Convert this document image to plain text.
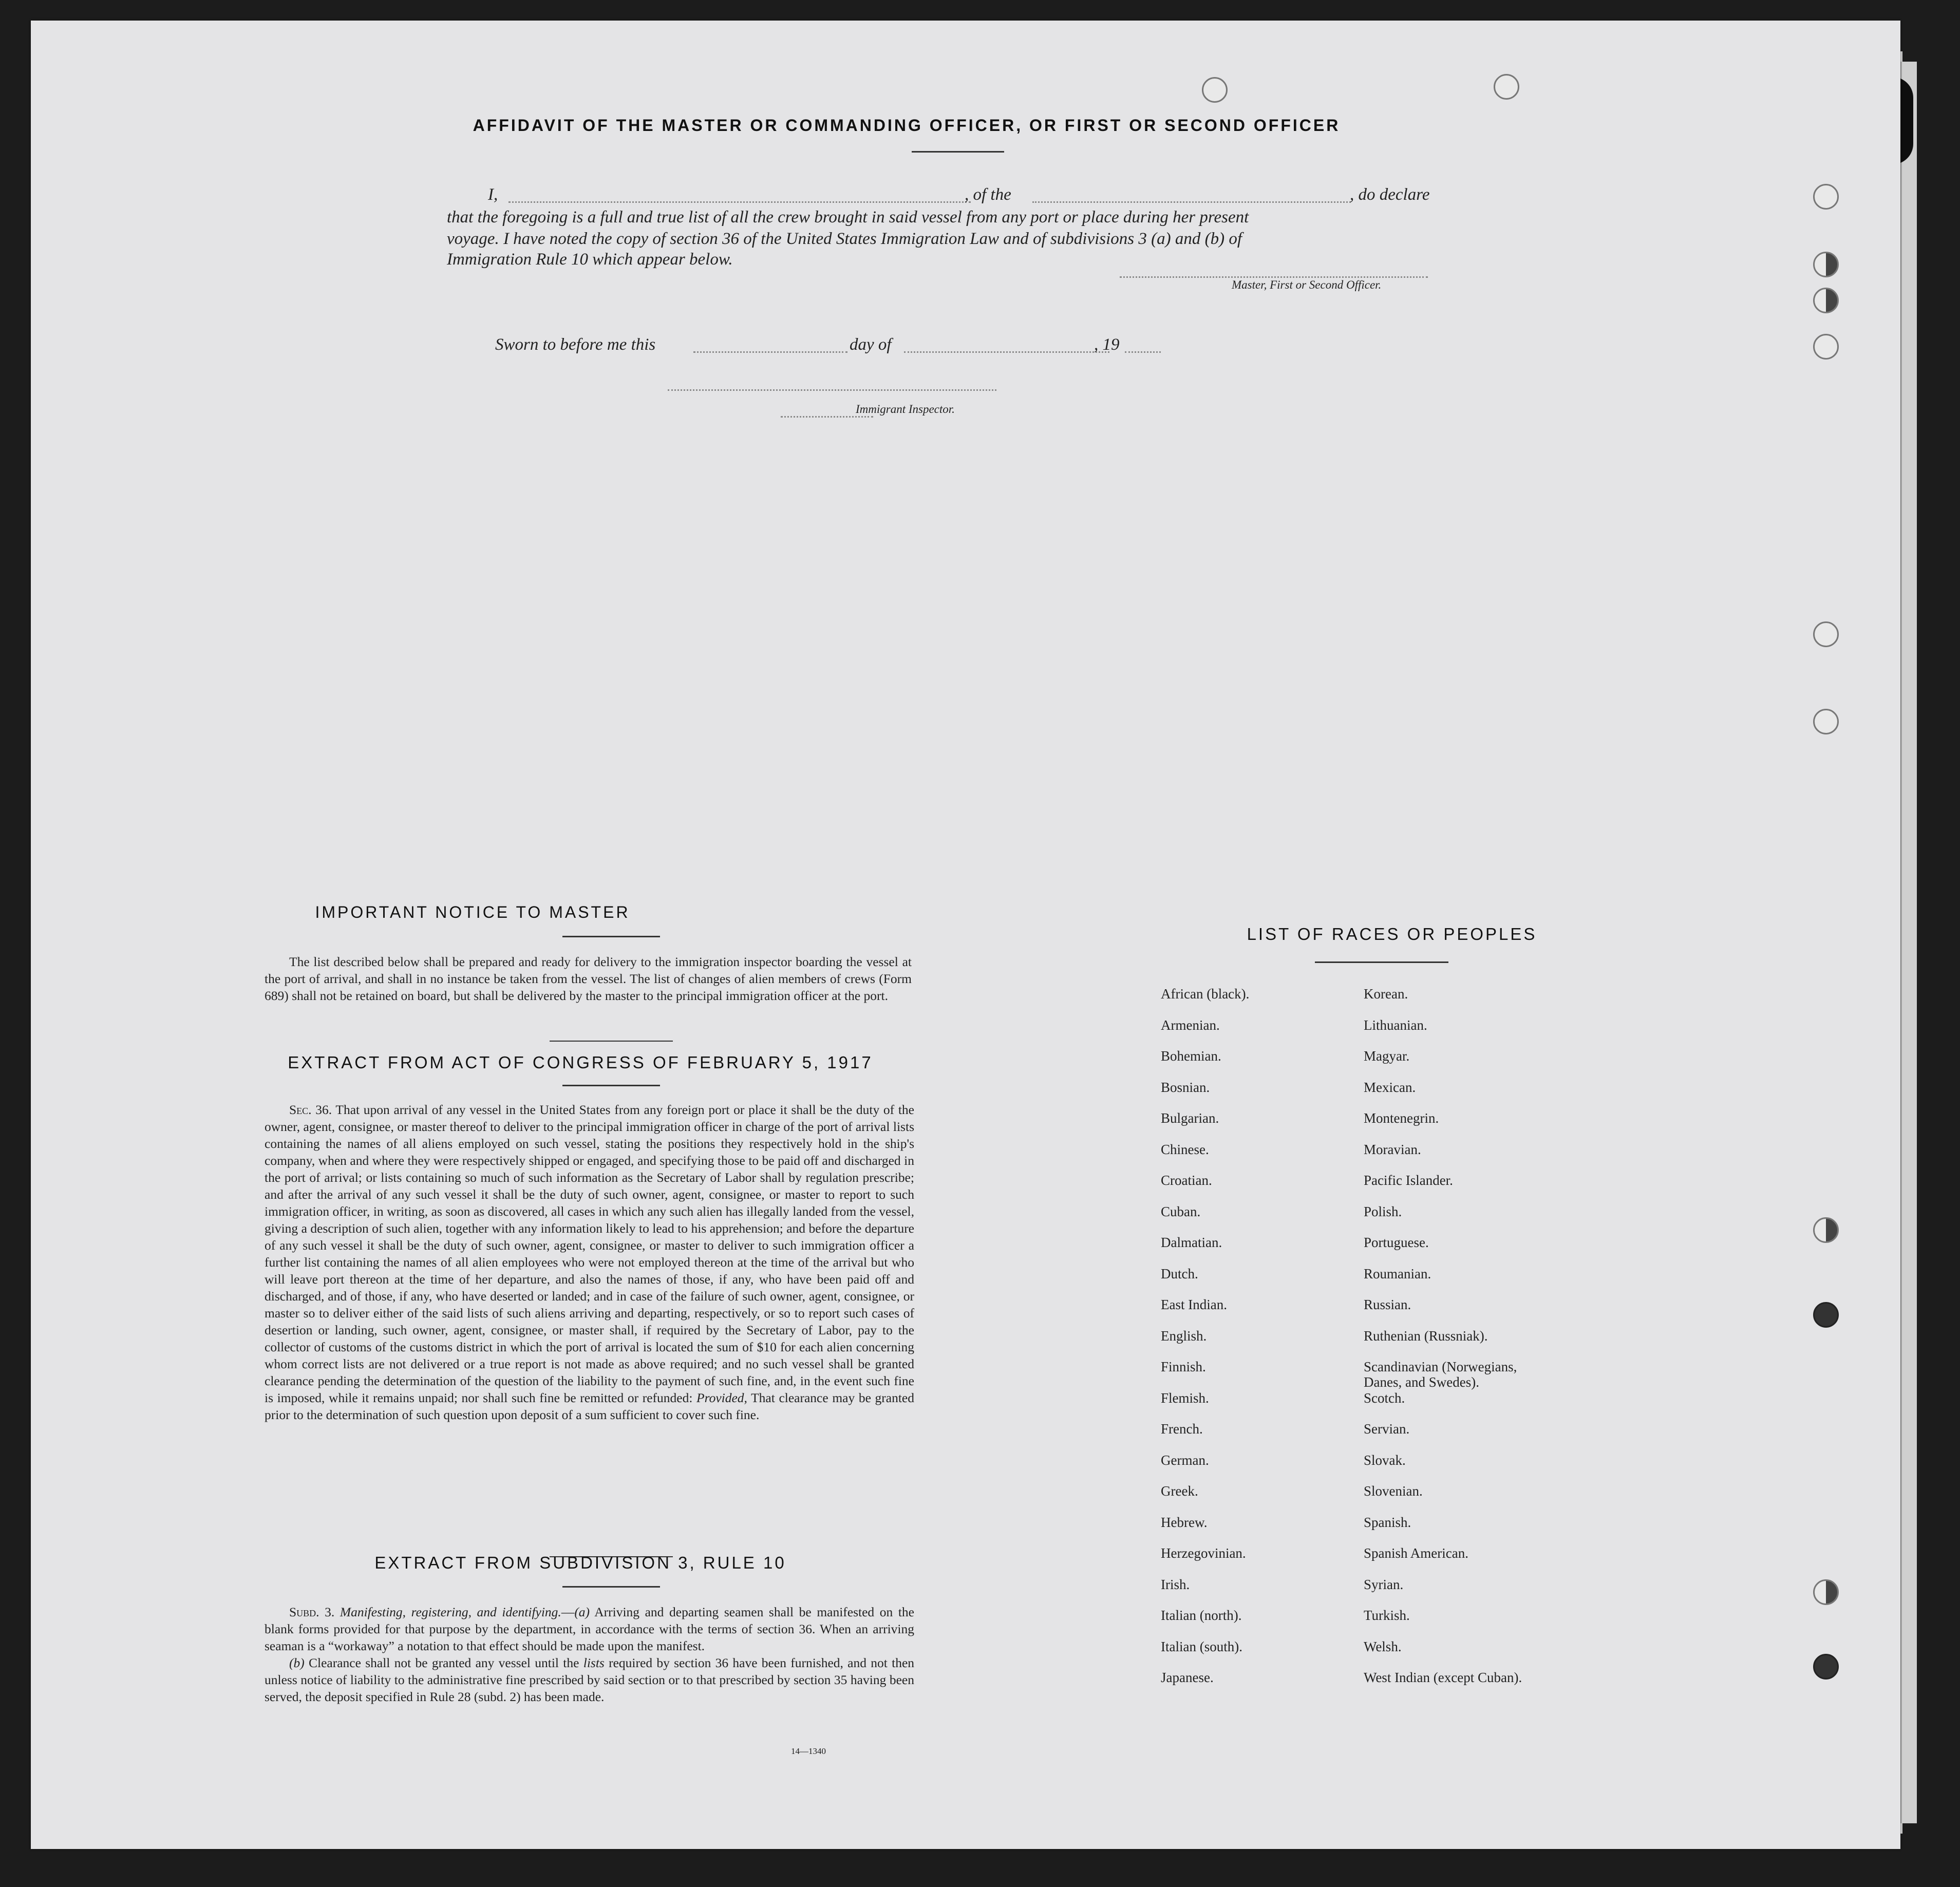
AFFIDAVIT OF THE MASTER OR COMMANDING OFFICER, OR FIRST OR SECOND OFFICER
I,	, of the	, do declare
that the foregoing is a full and true list of all the crew brought in said vessel from any port or place during her present
voyage. I have noted the copy of section 36 of the United States Immigration Law and of subdivisions 3 (a) and (b) of
Immigration Rule 10 which appear below.
Master, First or Second Officer.
Sworn to before me this	day of	, 19
Immigrant Inspector.
IMPORTANT NOTICE TO MASTER

The list described below shall be prepared and ready for delivery to the immigration inspector boarding the vessel at the port of arrival, and shall in no instance be taken from the vessel. The list of changes of alien members of crews (Form 689) shall not be retained on board, but shall be delivered by the master to the principal immigration officer at the port.

EXTRACT FROM ACT OF CONGRESS OF FEBRUARY 5, 1917

Sec. 36. That upon arrival of any vessel in the United States from any foreign port or place it shall be the duty of the owner, agent, consignee, or master thereof to deliver to the principal immigration officer in charge of the port of arrival lists containing the names of all aliens employed on such vessel, stating the positions they respectively hold in the ship's company, when and where they were respectively shipped or engaged, and specifying those to be paid off and discharged in the port of arrival; or lists containing so much of such information as the Secretary of Labor shall by regulation prescribe; and after the arrival of any such vessel it shall be the duty of such owner, agent, consignee, or master to report to such immigration officer, in writing, as soon as discovered, all cases in which any such alien has illegally landed from the vessel, giving a description of such alien, together with any information likely to lead to his apprehension; and before the departure of any such vessel it shall be the duty of such owner, agent, consignee, or master to deliver to such immigration officer a further list containing the names of all alien employees who were not employed thereon at the time of the arrival but who will leave port thereon at the time of her departure, and also the names of those, if any, who have been paid off and discharged, and of those, if any, who have deserted or landed; and in case of the failure of such owner, agent, consignee, or master so to deliver either of the said lists of such aliens arriving and departing, respectively, or so to report such cases of desertion or landing, such owner, agent, consignee, or master shall, if required by the Secretary of Labor, pay to the collector of customs of the customs district in which the port of arrival is located the sum of $10 for each alien concerning whom correct lists are not delivered or a true report is not made as above required; and no such vessel shall be granted clearance pending the determination of the question of the liability to the payment of such fine, and, in the event such fine is imposed, while it remains unpaid; nor shall such fine be remitted or refunded: Provided, That clearance may be granted prior to the determination of such question upon deposit of a sum sufficient to cover such fine.

EXTRACT FROM SUBDIVISION 3, RULE 10

Subd. 3. Manifesting, registering, and identifying.—(a) Arriving and departing seamen shall be manifested on the blank forms provided for that purpose by the department, in accordance with the terms of section 36. When an arriving seaman is a “workaway” a notation to that effect should be made upon the manifest.

(b) Clearance shall not be granted any vessel until the lists required by section 36 have been furnished, and not then unless notice of liability to the administrative fine prescribed by said section or to that prescribed by section 35 having been served, the deposit specified in Rule 28 (subd. 2) has been made.

14—1340
LIST OF RACES OR PEOPLES
African (black).
Armenian.
Bohemian.
Bosnian.
Bulgarian.
Chinese.
Croatian.
Cuban.
Dalmatian.
Dutch.
East Indian.
English.
Finnish.
Flemish.
French.
German.
Greek.
Hebrew.
Herzegovinian.
Irish.
Italian (north).
Italian (south).
Japanese.
Korean.
Lithuanian.
Magyar.
Mexican.
Montenegrin.
Moravian.
Pacific Islander.
Polish.
Portuguese.
Roumanian.
Russian.
Ruthenian (Russniak).
Scandinavian (Norwegians,
Danes, and Swedes).
Scotch.
Servian.
Slovak.
Slovenian.
Spanish.
Spanish American.
Syrian.
Turkish.
Welsh.
West Indian (except Cuban).
